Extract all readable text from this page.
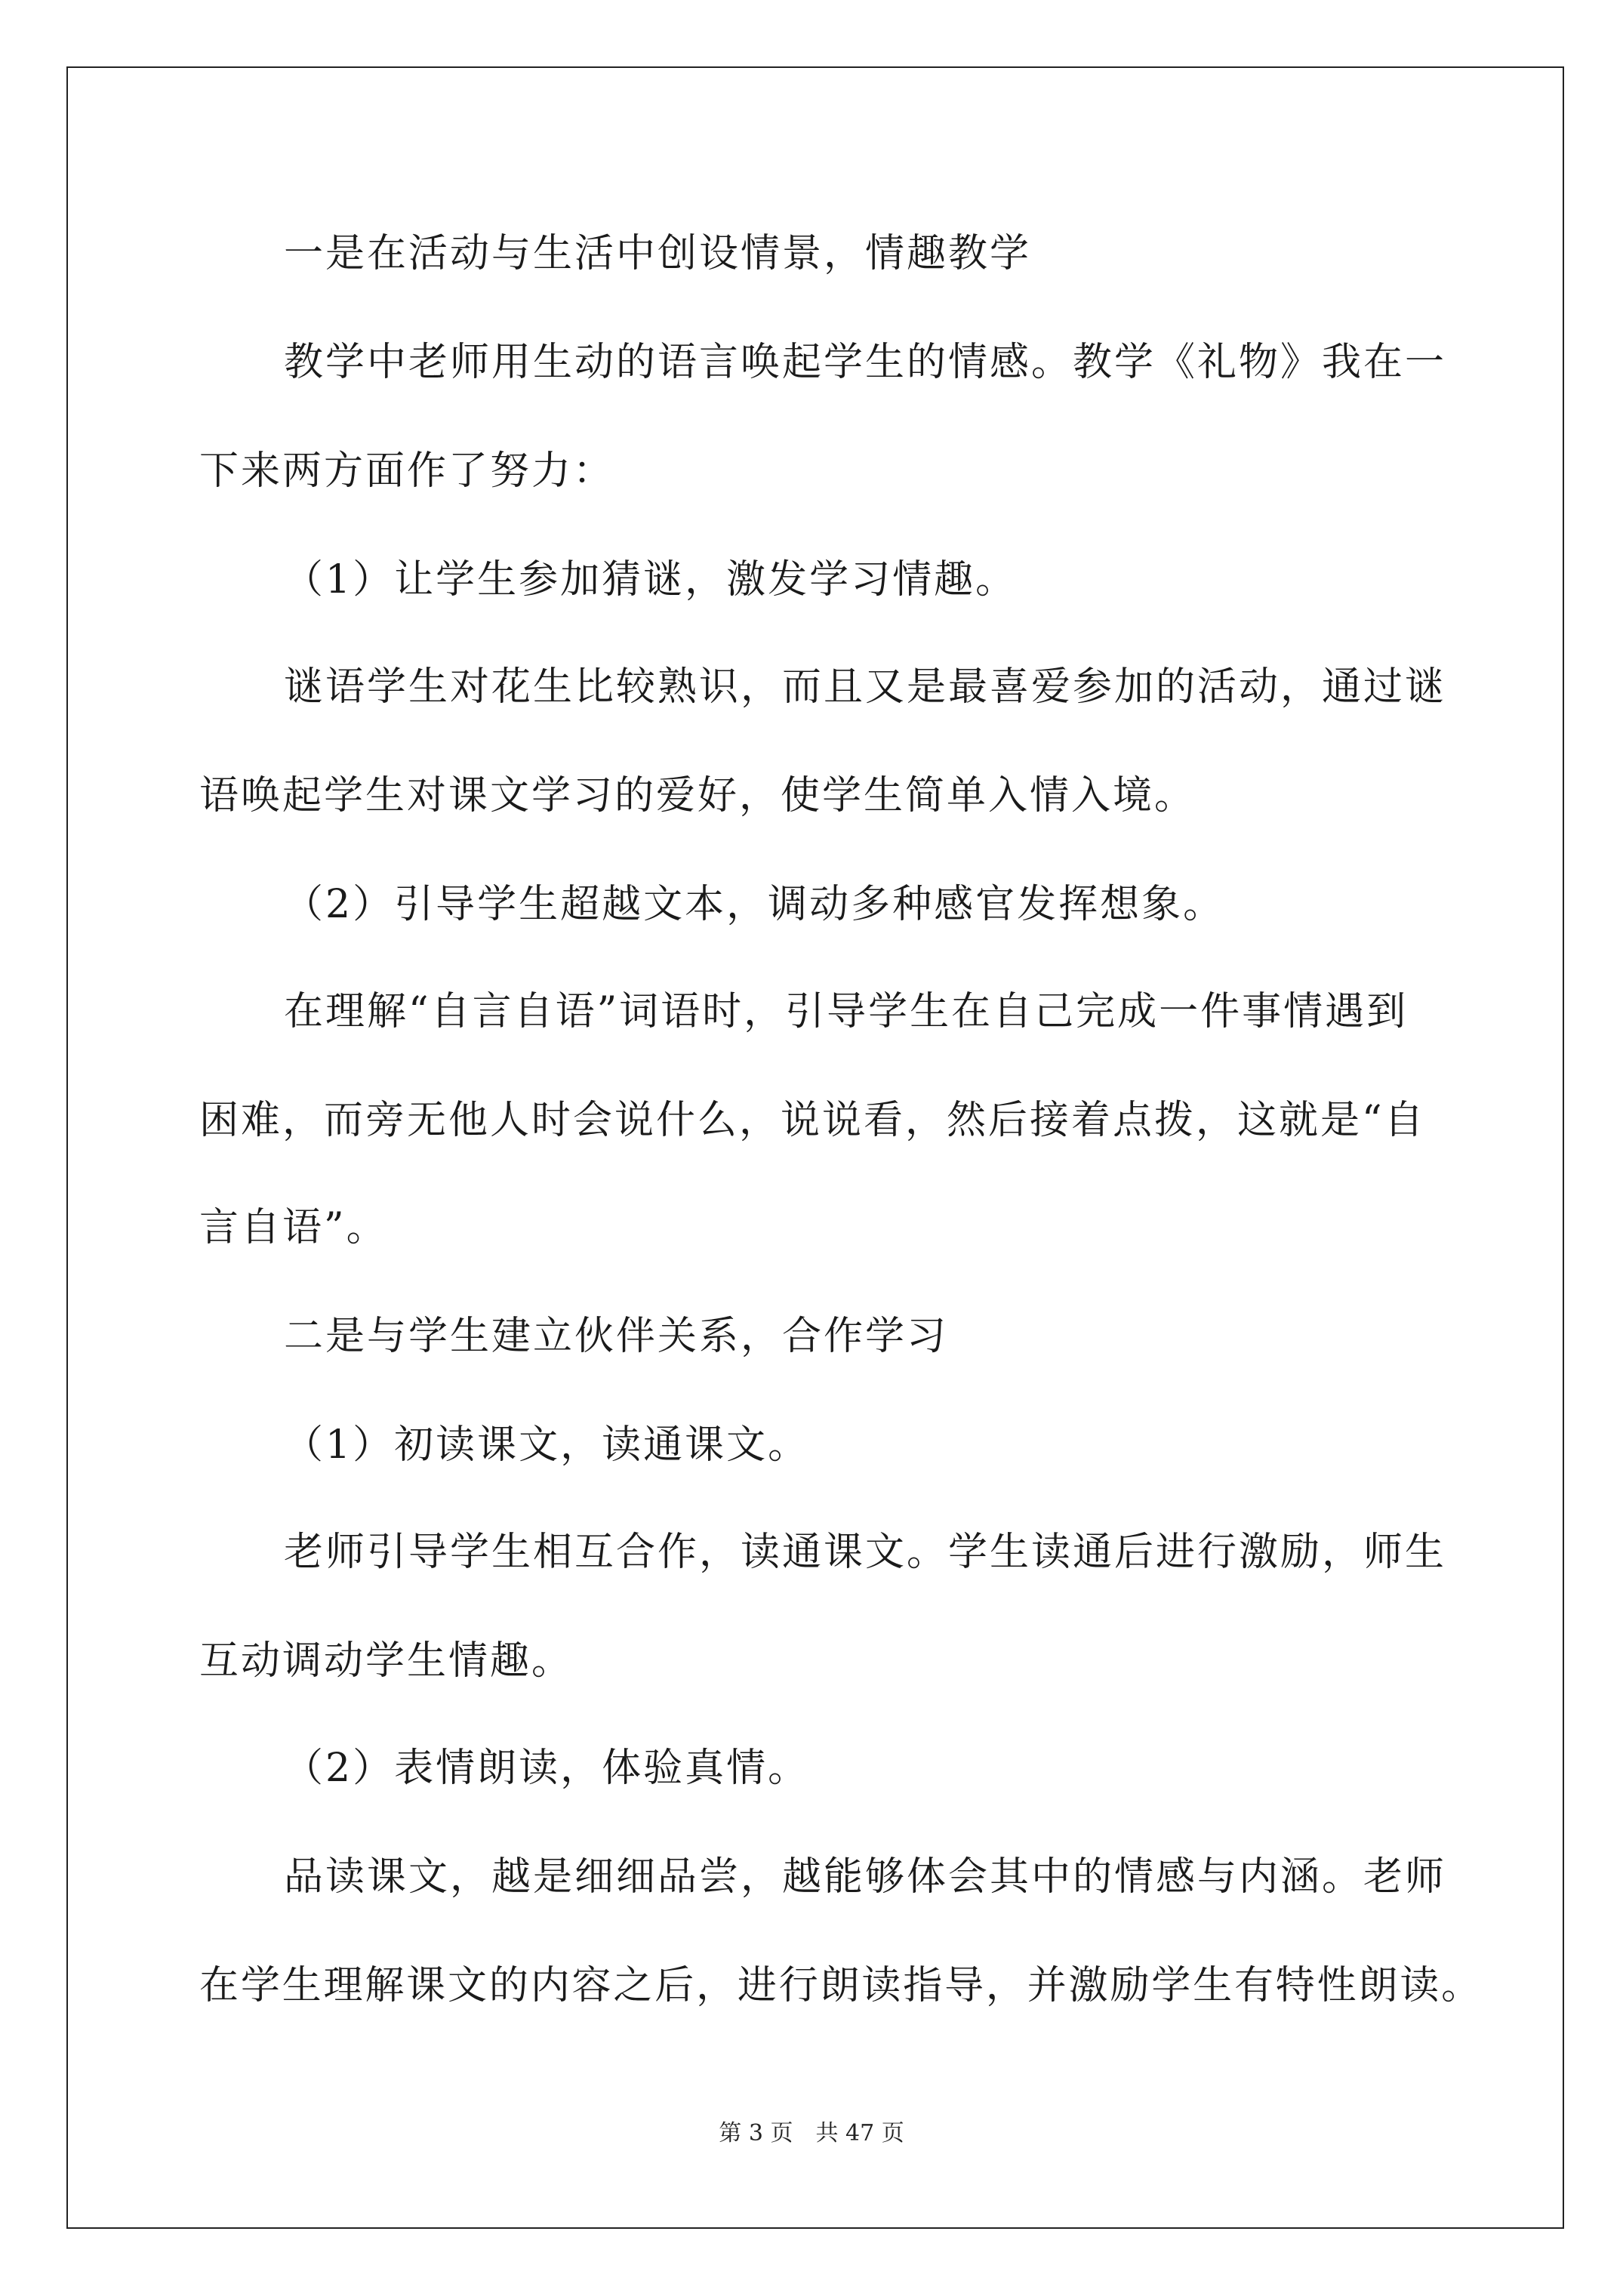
一是在活动与生活中创设情景，情趣教学
教学中老师用生动的语言唤起学生的情感。教学《礼物》我在一
下来两方面作了努力：
（1）让学生参加猜谜，激发学习情趣。
谜语学生对花生比较熟识，而且又是最喜爱参加的活动，通过谜
语唤起学生对课文学习的爱好，使学生简单入情入境。
（2）引导学生超越文本，调动多种感官发挥想象。
在理解“自言自语”词语时，引导学生在自己完成一件事情遇到
困难，而旁无他人时会说什么，说说看，然后接着点拨，这就是“自
言自语”。
二是与学生建立伙伴关系，合作学习
（1）初读课文，读通课文。
老师引导学生相互合作，读通课文。学生读通后进行激励，师生
互动调动学生情趣。
（2）表情朗读，体验真情。
品读课文，越是细细品尝，越能够体会其中的情感与内涵。老师
在学生理解课文的内容之后，进行朗读指导，并激励学生有特性朗读。
第 3 页　共 47 页
